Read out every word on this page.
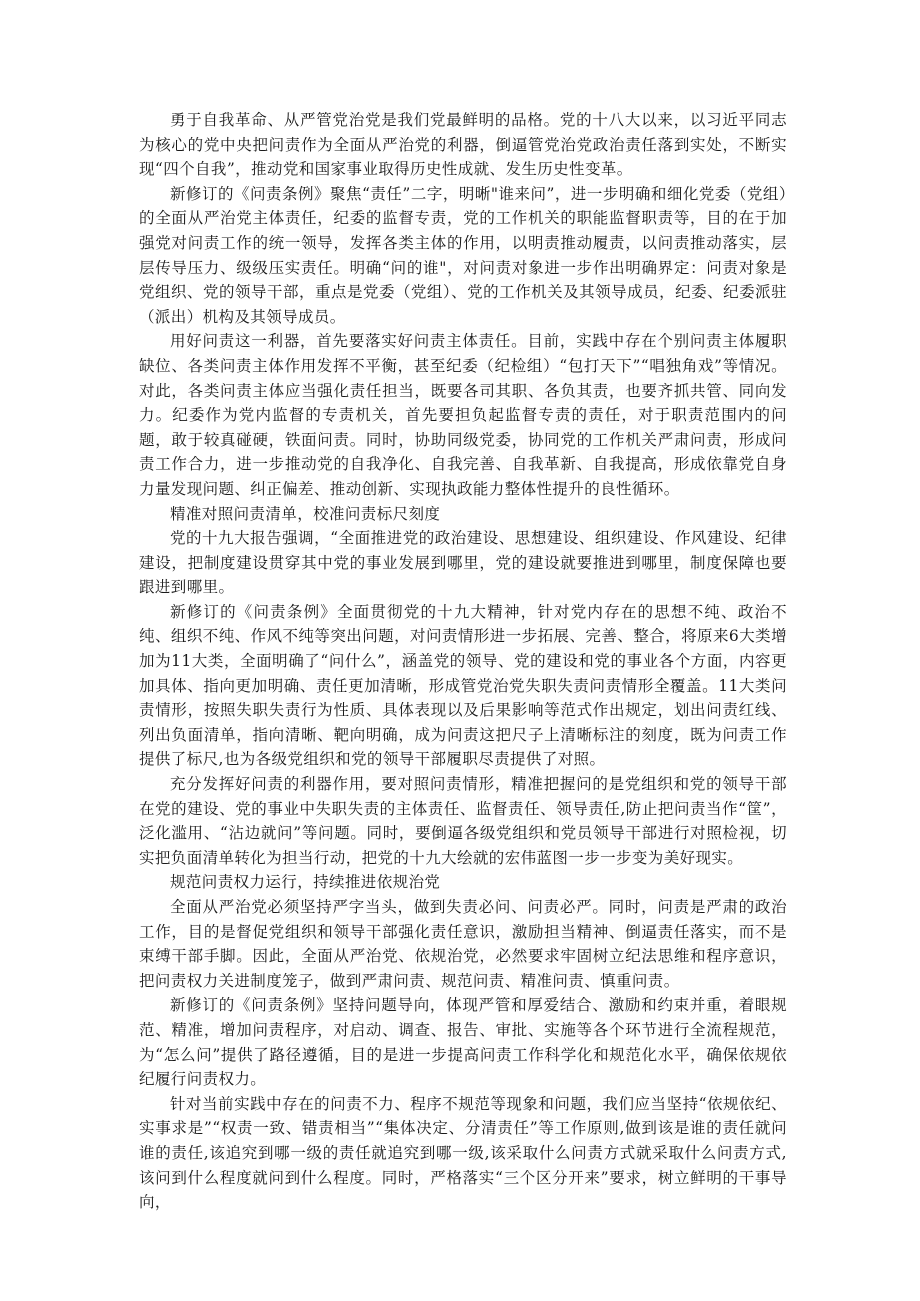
勇于自我革命、从严管党治党是我们党最鲜明的品格。党的十八大以来，以习近平同志为核心的党中央把问责作为全面从严治党的利器，倒逼管党治党政治责任落到实处，不断实现“四个自我”，推动党和国家事业取得历史性成就、发生历史性变革。

新修订的《问责条例》聚焦“责任”二字，明晰"谁来问”，进一步明确和细化党委（党组）的全面从严治党主体责任，纪委的监督专责，党的工作机关的职能监督职责等，目的在于加强党对问责工作的统一领导，发挥各类主体的作用，以明责推动履责，以问责推动落实，层层传导压力、级级压实责任。明确“问的谁"，对问责对象进一步作出明确界定：问责对象是党组织、党的领导干部，重点是党委（党组）、党的工作机关及其领导成员，纪委、纪委派驻（派出）机构及其领导成员。

用好问责这一利器，首先要落实好问责主体责任。目前，实践中存在个别问责主体履职缺位、各类问责主体作用发挥不平衡，甚至纪委（纪检组）“包打天下”“唱独角戏”等情况。对此，各类问责主体应当强化责任担当，既要各司其职、各负其责，也要齐抓共管、同向发力。纪委作为党内监督的专责机关，首先要担负起监督专责的责任，对于职责范围内的问题，敢于较真碰硬，铁面问责。同时，协助同级党委，协同党的工作机关严肃问责，形成问责工作合力，进一步推动党的自我净化、自我完善、自我革新、自我提高，形成依靠党自身力量发现问题、纠正偏差、推动创新、实现执政能力整体性提升的良性循环。

精准对照问责清单，校准问责标尺刻度

党的十九大报告强调，“全面推进党的政治建设、思想建设、组织建设、作风建设、纪律建设，把制度建设贯穿其中党的事业发展到哪里，党的建设就要推进到哪里，制度保障也要跟进到哪里。

新修订的《问责条例》全面贯彻党的十九大精神，针对党内存在的思想不纯、政治不纯、组织不纯、作风不纯等突出问题，对问责情形进一步拓展、完善、整合，将原来6大类增加为11大类，全面明确了“问什么”，涵盖党的领导、党的建设和党的事业各个方面，内容更加具体、指向更加明确、责任更加清晰，形成管党治党失职失责问责情形全覆盖。11大类问责情形，按照失职失责行为性质、具体表现以及后果影响等范式作出规定，划出问责红线、列出负面清单，指向清晰、靶向明确，成为问责这把尺子上清晰标注的刻度，既为问责工作提供了标尺,也为各级党组织和党的领导干部履职尽责提供了对照。

充分发挥好问责的利器作用，要对照问责情形，精准把握问的是党组织和党的领导干部在党的建设、党的事业中失职失责的主体责任、监督责任、领导责任,防止把问责当作“筐”，泛化滥用、“沾边就问”等问题。同时，要倒逼各级党组织和党员领导干部进行对照检视，切实把负面清单转化为担当行动，把党的十九大绘就的宏伟蓝图一步一步变为美好现实。

规范问责权力运行，持续推进依规治党

全面从严治党必须坚持严字当头，做到失责必问、问责必严。同时，问责是严肃的政治工作，目的是督促党组织和领导干部强化责任意识，激励担当精神、倒逼责任落实，而不是束缚干部手脚。因此，全面从严治党、依规治党，必然要求牢固树立纪法思维和程序意识，把问责权力关进制度笼子，做到严肃问责、规范问责、精准问责、慎重问责。

新修订的《问责条例》坚持问题导向，体现严管和厚爱结合、激励和约束并重，着眼规范、精准，增加问责程序，对启动、调查、报告、审批、实施等各个环节进行全流程规范，为“怎么问”提供了路径遵循，目的是进一步提高问责工作科学化和规范化水平，确保依规依纪履行问责权力。

针对当前实践中存在的问责不力、程序不规范等现象和问题，我们应当坚持“依规依纪、实事求是”“权责一致、错责相当”“集体决定、分清责任”等工作原则,做到该是谁的责任就问谁的责任,该追究到哪一级的责任就追究到哪一级,该采取什么问责方式就采取什么问责方式,该问到什么程度就问到什么程度。同时，严格落实“三个区分开来”要求，树立鲜明的干事导向，
